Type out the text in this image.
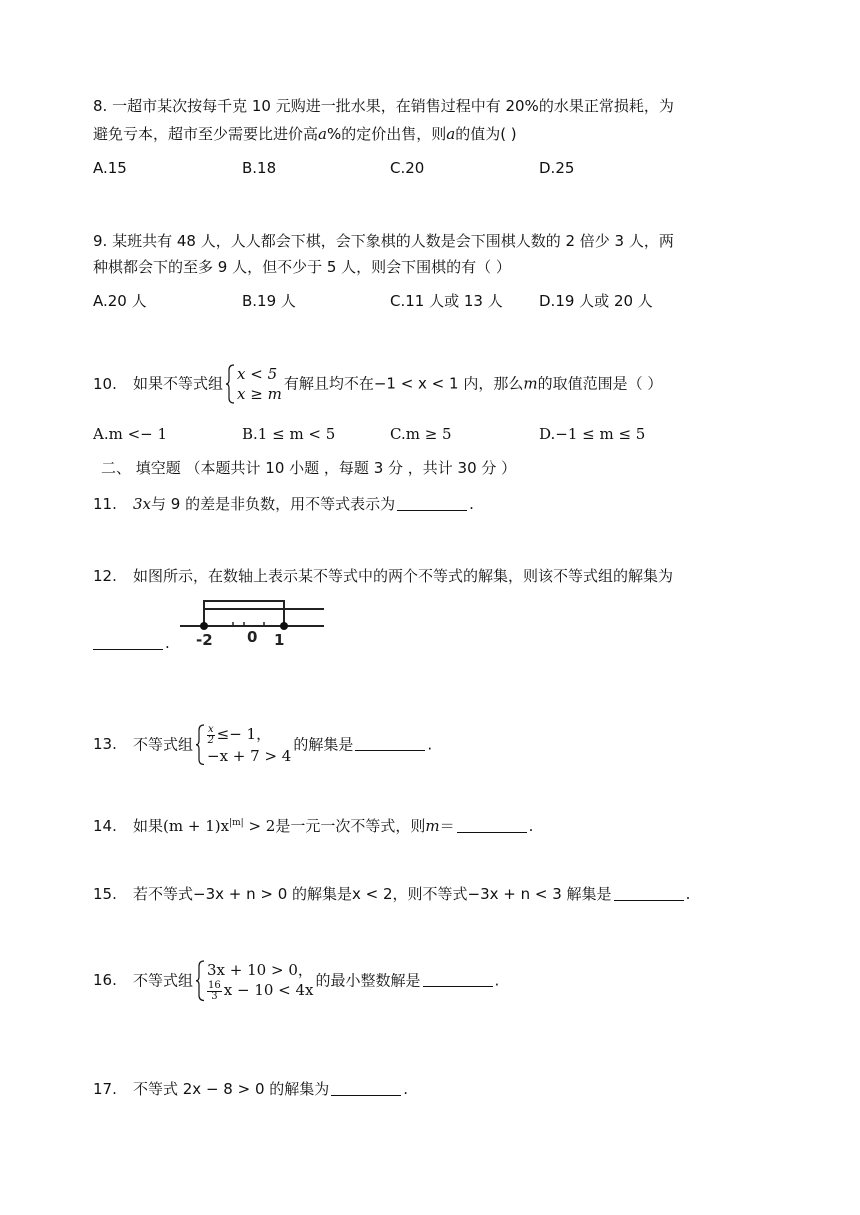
8. 一超市某次按每千克 10 元购进一批水果，在销售过程中有 20%的水果正常损耗，为
避免亏本，超市至少需要比进价高a%的定价出售，则a的值为( )
A.15	B.18	C.20	D.25
9. 某班共有 48 人，人人都会下棋，会下象棋的人数是会下围棋人数的 2 倍少 3 人，两
种棋都会下的至多 9 人，但不少于 5 人，则会下围棋的有（ ）
A.20 人	B.19 人	C.11 人或 13 人 D.19 人或 20 人
10. 如果不等式组
x < 5
x ≥ m
有解且均不在−1 < x < 1 内，那么m的取值范围是（ ）
A.m <− 1	B.1 ≤ m < 5	C.m ≥ 5	D.−1 ≤ m ≤ 5
二、 填空题 （本题共计 10 小题 ，每题 3 分 ，共计 30 分 ）
11. 3x与 9 的差是非负数，用不等式表示为	.
12. 如图所示，在数轴上表示某不等式中的两个不等式的解集，则该不等式组的解集为
. -2 0 1
13. 不等式组 $\frac{x}{2} \le- 1$，
−x + 7 > 4
的解集是	.
14. 如果$(m + 1)x^{|m|} > 2$是一元一次不等式，则m＝	.
15. 若不等式−3x + n > 0 的解集是x < 2，则不等式−3x + n < 3 解集是	.
16. 不等式组
3x + 10 > 0，
$\frac{16}{3}$ x − 10 < 4x
的最小整数解是	.
17. 不等式 2x − 8 > 0 的解集为	.
